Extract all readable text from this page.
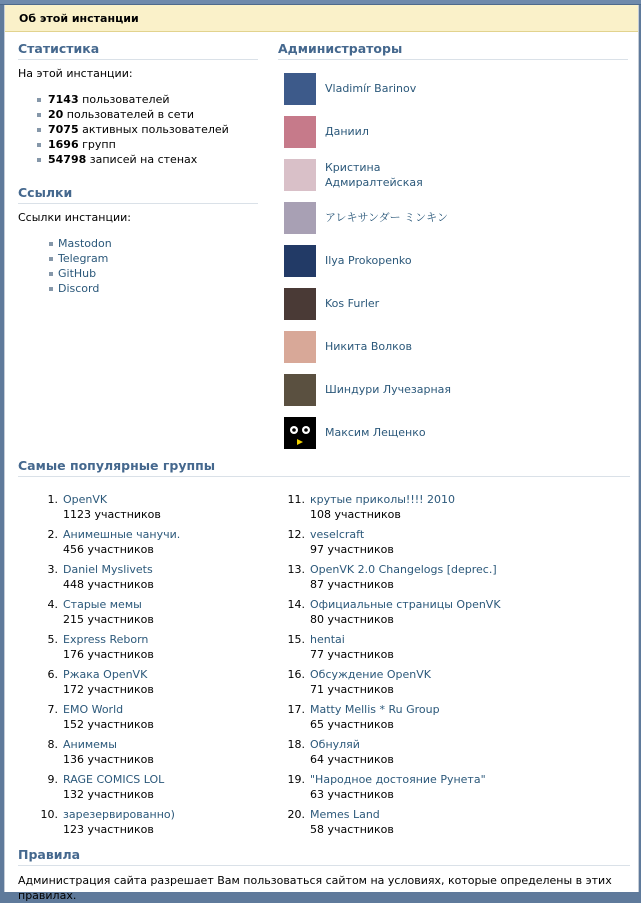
Об этой инстанции
Статистика
На этой инстанции:
7143 пользователей
20 пользователей в сети
7075 активных пользователей
1696 групп
54798 записей на стенах
Ссылки
Ссылки инстанции:
Mastodon
Telegram
GitHub
Discord
Администраторы
Vladimír Barinov
Даниил
Кристина Адмиралтейская
アレキサンダー ミンキン
Ilya Prokopenko
Kos Furler
Никита Волков
Шиндури Лучезарная
Максим Лещенко
Самые популярные группы
1. OpenVK
1123 участников
2. Анимешные чанучи.
456 участников
3. Daniel Myslivets
448 участников
4. Старые мемы
215 участников
5. Express Reborn
176 участников
6. Ржака OpenVK
172 участников
7. EMO World
152 участников
8. Анимемы
136 участников
9. RAGE COMICS LOL
132 участников
10. зарезервированно)
123 участников
11. крутые приколы!!!! 2010
108 участников
12. veselcraft
97 участников
13. OpenVK 2.0 Changelogs [deprec.]
87 участников
14. Официальные страницы OpenVK
80 участников
15. hentai
77 участников
16. Обсуждение OpenVK
71 участников
17. Matty Mellis * Ru Group
65 участников
18. Обнуляй
64 участников
19. "Народное достояние Рунета"
63 участников
20. Memes Land
58 участников
Правила
Администрация сайта разрешает Вам пользоваться сайтом на условиях, которые определены в этих правилах.
